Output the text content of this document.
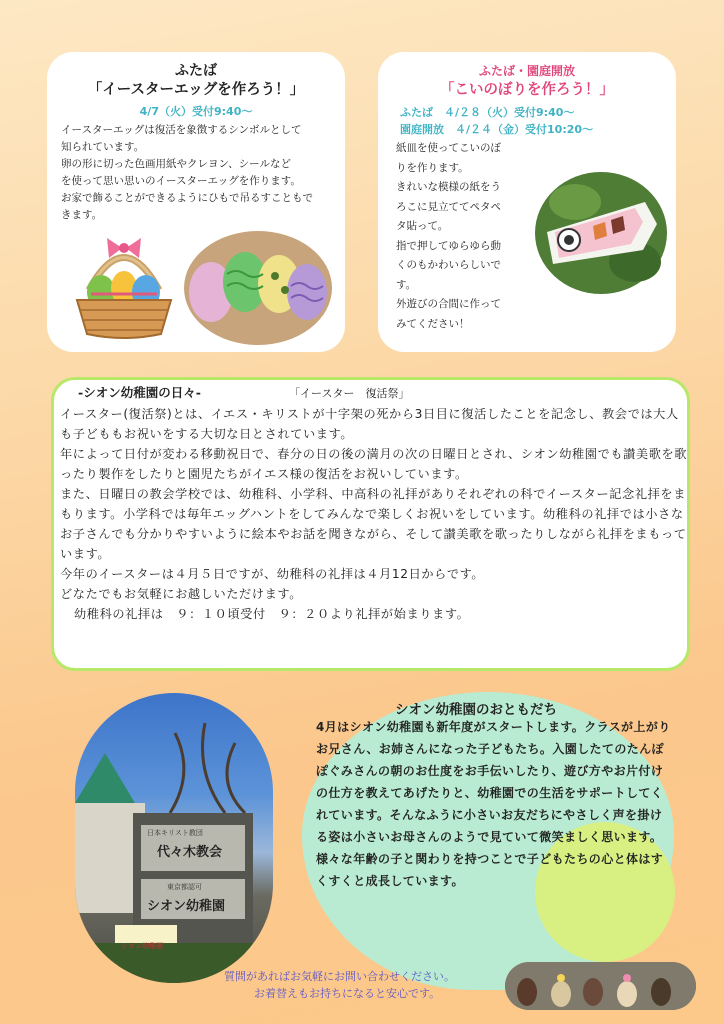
ふたば
「イースターエッグを作ろう！」
4/7（火）受付9:40～
イースターエッグは復活を象徴するシンボルとして
知られています。
卵の形に切った色画用紙やクレヨン、シールなど
を使って思い思いのイースターエッグを作ります。
お家で飾ることができるようにひもで吊るすこともで
きます。
ふたば・園庭開放
「こいのぼりを作ろう！」
ふたば　４/２８（火）受付9:40～
園庭開放　４/２４（金）受付10:20～
紙皿を使ってこいのぼ
りを作ります。
きれいな模様の紙をう
ろこに見立ててペタペ
タ貼って。
指で押してゆらゆら動
くのもかわいらしいで
す。
外遊びの合間に作って
みてください！
-シオン幼稚園の日々-	「イースター　復活祭」

イースター(復活祭)とは、イエス・キリストが十字架の死から3日目に復活したことを記念し、教会では大人も子どももお祝いをする大切な日とされています。

年によって日付が変わる移動祝日で、春分の日の後の満月の次の日曜日とされ、シオン幼稚園でも讃美歌を歌ったり製作をしたりと園児たちがイエス様の復活をお祝いしています。

また、日曜日の教会学校では、幼稚科、小学科、中高科の礼拝がありそれぞれの科でイースター記念礼拝をまもります。小学科では毎年エッグハントをしてみんなで楽しくお祝いをしています。幼稚科の礼拝では小さなお子さんでも分かりやすいように絵本やお話を聞きながら、そして讃美歌を歌ったりしながら礼拝をまもっています。

今年のイースターは４月５日ですが、幼稚科の礼拝は４月12日からです。

どなたでもお気軽にお越しいただけます。

幼稚科の礼拝は　９：１０頃受付　９：２０より礼拝が始まります。

日本キリスト教団
代々木教会
東京都認可
シオン幼稚園
シオン幼稚園
シオン幼稚園のおともだち
4月はシオン幼稚園も新年度がスタートします。クラスが上がりお兄さん、お姉さんになった子どもたち。入園したてのたんぽぽぐみさんの朝のお仕度をお手伝いしたり、遊び方やお片付けの仕方を教えてあげたりと、幼稚園での生活をサポートしてくれています。そんなふうに小さいお友だちにやさしく声を掛ける姿は小さいお母さんのようで見ていて微笑ましく思います。様々な年齢の子と関わりを持つことで子どもたちの心と体はすくすくと成長しています。
質問があればお気軽にお問い合わせください。
お着替えもお持ちになると安心です。
